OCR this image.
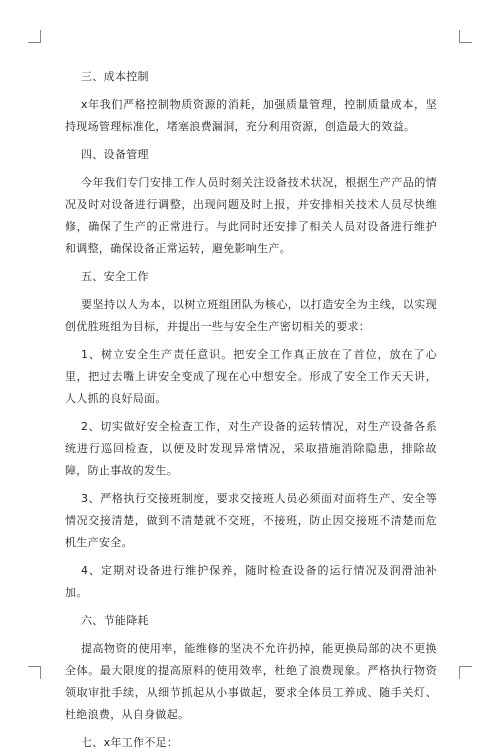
三、成本控制

x年我们严格控制物质资源的消耗，加强质量管理，控制质量成本，坚持现场管理标准化，堵塞浪费漏洞，充分利用资源，创造最大的效益。

四、设备管理

今年我们专门安排工作人员时刻关注设备技术状况，根据生产产品的情况及时对设备进行调整，出现问题及时上报，并安排相关技术人员尽快维修，确保了生产的正常进行。与此同时还安排了相关人员对设备进行维护和调整，确保设备正常运转，避免影响生产。

五、安全工作

要坚持以人为本，以树立班组团队为核心，以打造安全为主线，以实现创优胜班组为目标，并提出一些与安全生产密切相关的要求：

1、树立安全生产责任意识。把安全工作真正放在了首位，放在了心里，把过去嘴上讲安全变成了现在心中想安全。形成了安全工作天天讲，人人抓的良好局面。

2、切实做好安全检查工作，对生产设备的运转情况，对生产设备各系统进行巡回检查，以便及时发现异常情况，采取措施消除隐患，排除故障，防止事故的发生。

3、严格执行交接班制度，要求交接班人员必须面对面将生产、安全等情况交接清楚，做到不清楚就不交班，不接班，防止因交接班不清楚而危机生产安全。

4、定期对设备进行维护保养，随时检查设备的运行情况及润滑油补加。

六、节能降耗

提高物资的使用率，能维修的坚决不允许扔掉，能更换局部的决不更换全体。最大限度的提高原料的使用效率，杜绝了浪费现象。严格执行物资领取审批手续，从细节抓起从小事做起，要求全体员工养成、随手关灯、杜绝浪费，从自身做起。

七、x年工作不足：
